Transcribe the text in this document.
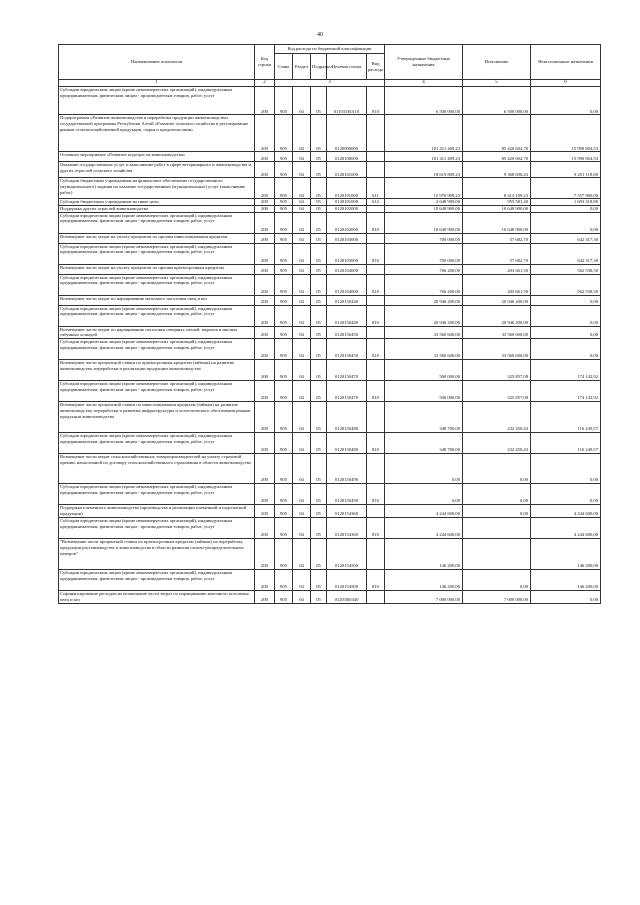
40
Наименование показателя	Код строки	Код расхода по бюджетной классификации					Утвержденные бюджетные назначения	Исполнение	Неисполненные назначения
		Глава	Раздел	Подраздел	Целевая статья	Вид расхода			
1	2	3					4	5	6
Субсидии юридическим лицам (кроме некоммерческих организаций), индивидуальным предпринимателям, физическим лицам - производителям товаров, работ, услуг	200	905	04	05	011031Е0110	810	6 500 000,00	6 500 000,00	0,00
Подпрограмма «Развитие животноводства и переработка продукции животноводства» государственной программы Республики Алтай «Развитие сельского хозяйства и регулирование рынков сельскохозяйственной продукции, сырья и продовольствия»	200	905	04	05	0120000000		101 411 409,23	85 420 604,70	15 990 804,53
Основное мероприятие «Развитие подотрасли животноводства»	200	905	04	05	0120100000		101 411 409,23	85 420 604,70	15 990 804,53
Оказание государственных услуг и выполнение работ в сфере ветеринарного и животноводства и других отраслей сельского хозяйства	200	905	04	05	0120101000		18 619 809,23	9 368 690,43	9 251 118,80
Субсидии бюджетным учреждениям на финансовое обеспечение государственного (муниципального) задания на оказание государственных (муниципальных) услуг (выполнение работ)	200	905	04	05	0120101000	611	15 970 909,23	8 413 109,23	7 557 800,00
Субсидии бюджетным учреждениям на иные цели	200	905	04	05	0120101000	612	2 648 900,00	955 581,20	1 693 318,80
Поддержка других отраслей животноводства	200	905	04	05	0120102000		10 648 900,00	10 648 900,00	0,00
Субсидии юридическим лицам (кроме некоммерческих организаций), индивидуальным предпринимателям, физическим лицам - производителям товаров, работ, услуг	200	905	04	05	0120102000	810	10 648 900,00	10 648 900,00	0,00
Возмещение части затрат на уплату процентов по прочим инвестиционным кредитам	200	905	04	05	0120103000		700 000,00	57 682,70	642 317,30
Субсидии юридическим лицам (кроме некоммерческих организаций), индивидуальным предпринимателям, физическим лицам - производителям товаров, работ, услуг	200	905	04	05	0120103000	810	700 000,00	57 682,70	642 317,30
Возмещение части затрат на уплату процентов по прочим краткосрочным кредитам	200	905	04	05	0120104000		766 200,00	203 661,50	562 538,50
Субсидии юридическим лицам (кроме некоммерческих организаций), индивидуальным предпринимателям, физическим лицам - производителям товаров, работ, услуг	200	905	04	05	0120104000	810	766 200,00	203 661,50	562 538,50
Возмещение части затрат по наращиванию маточного поголовья овец и коз	200	905	04	05	0120150440		20 946 200,00	20 946 200,00	0,00
Субсидии юридическим лицам (кроме некоммерческих организаций), индивидуальным предпринимателям, физическим лицам - производителям товаров, работ, услуг	200	905	04	05	0120150440	810	20 946 200,00	20 946 200,00	0,00
Возмещение части затрат по наращиванию поголовья северных оленей, маралов и мясных табунных лошадей	200	905	04	05	0120150450		33 560 600,00	33 560 600,00	0,00
Субсидии юридическим лицам (кроме некоммерческих организаций), индивидуальным предпринимателям, физическим лицам - производителям товаров, работ, услуг	200	905	04	05	0120150450	810	33 560 600,00	33 560 600,00	0,00
Возмещение части процентной ставки по краткосрочным кредитам (займам) на развитие животноводства, переработки и реализации продукции животноводства	200	905	04	05	0120150470		500 000,00	325 857,08	174 142,92
Субсидии юридическим лицам (кроме некоммерческих организаций), индивидуальным предпринимателям, физическим лицам - производителям товаров, работ, услуг	200	905	04	05	0120150470	810	500 000,00	325 857,08	174 142,92
Возмещение части процентной ставки по инвестиционным кредитам (займам) на развитие животноводства, переработки и развития инфраструктуры и логистического обеспечения рынков продукции животноводства	200	905	04	05	0120150480		348 700,00	232 450,43	116 249,57
Субсидии юридическим лицам (кроме некоммерческих организаций), индивидуальным предпринимателям, физическим лицам - производителям товаров, работ, услуг	200	905	04	05	0120150480	810	348 700,00	232 450,43	116 249,57
Возмещение части затрат сельскохозяйственных товаропроизводителей на уплату страховой премии, начисленной по договору сельскохозяйственного страхования в области животноводства	200	905	04	05	0120150490		0,00	0,00	0,00
Субсидии юридическим лицам (кроме некоммерческих организаций), индивидуальным предпринимателям, физическим лицам - производителям товаров, работ, услуг	200	905	04	05	0120150490	810	0,00	0,00	0,00
Поддержка племенного животноводства (производства и реализации племенной и подопытной продукции)	200	905	04	05	0120154360		4 244 600,00	0,00	4 244 600,00
Субсидии юридическим лицам (кроме некоммерческих организаций), индивидуальным предпринимателям, физическим лицам - производителям товаров, работ, услуг	200	905	04	05	0120154360	810	4 244 600,00		4 244 600,00
"Возмещение части процентной ставки по краткосрочным кредитам (займам) на переработку продукции растениеводства и животноводства в области развития оптово-распределительных центров"	200	905	04	05	0120154500		146 200,00		146 200,00
Субсидии юридическим лицам (кроме некоммерческих организаций), индивидуальным предпринимателям, физическим лицам - производителям товаров, работ, услуг	200	905	04	05	0120154500	810	146 200,00	0,00	146 200,00
Софинансирование расходов на возмещение части затрат по наращиванию маточного поголовья овец и коз	200	905	04	05	01201R0440		7 000 000,00	7 000 000,00	0,00
